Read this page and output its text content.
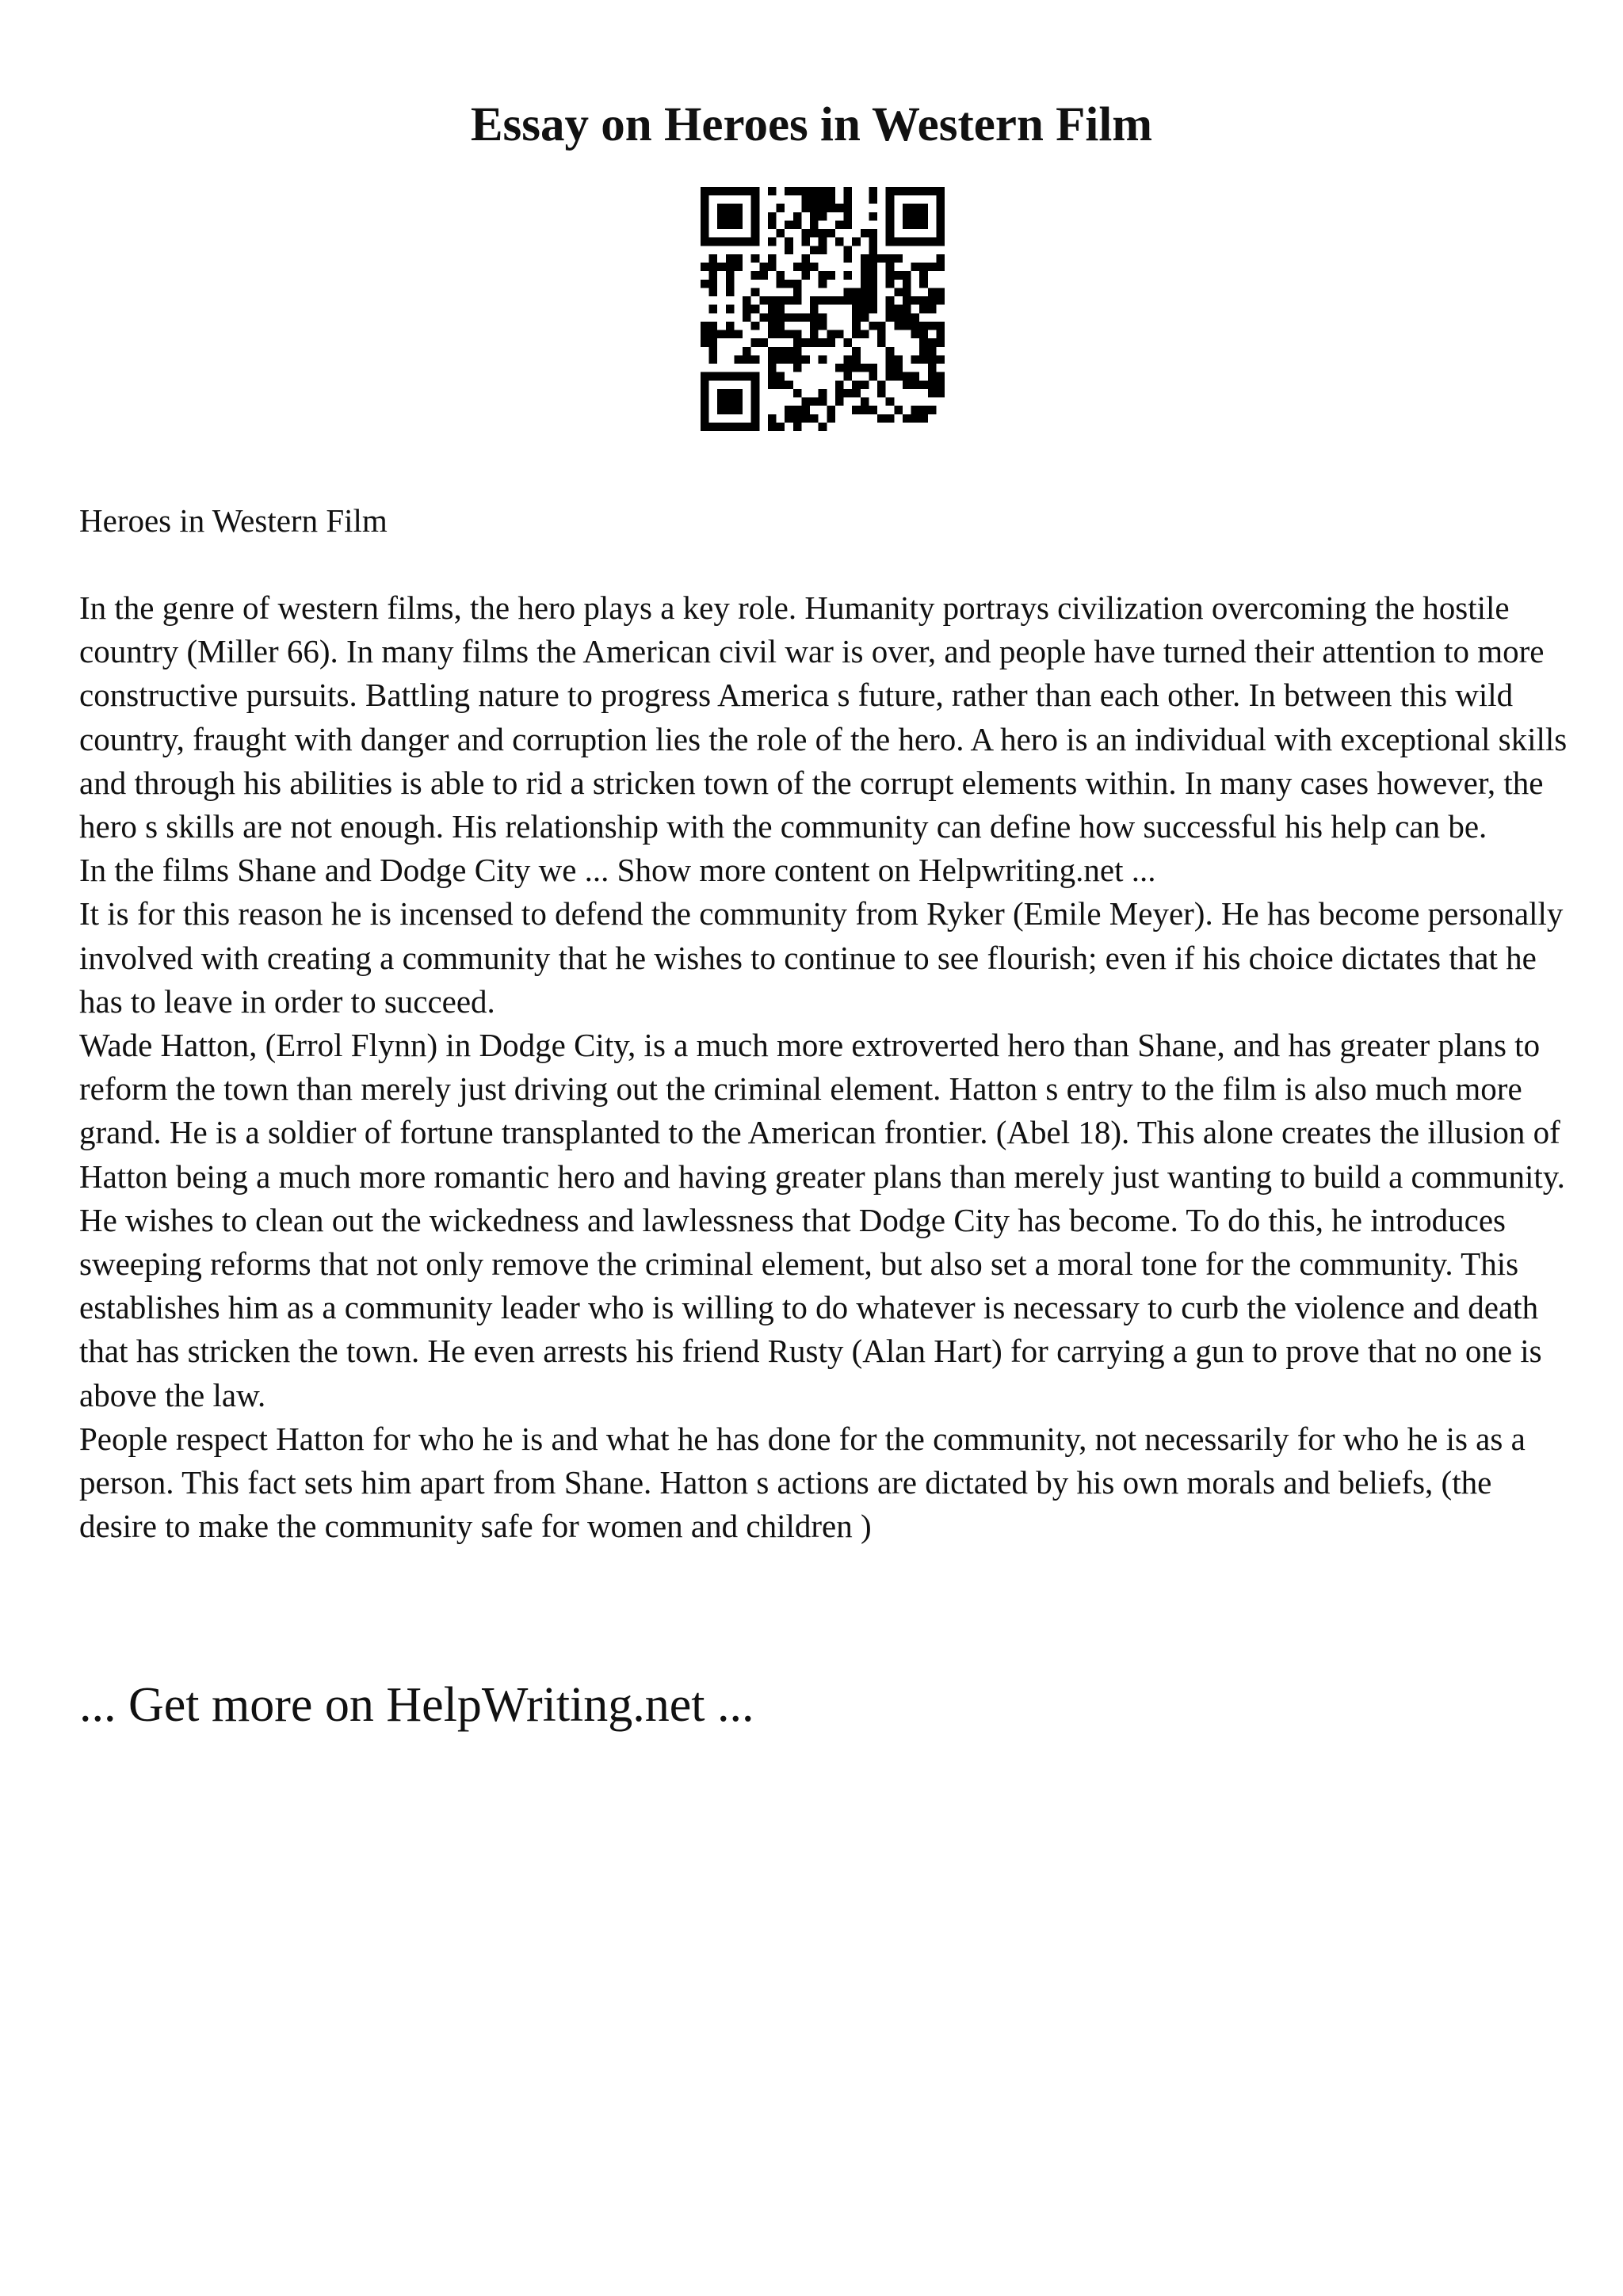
Essay on Heroes in Western Film
Heroes in Western Film

In the genre of western films, the hero plays a key role. Humanity portrays civilization overcoming the hostile country (Miller 66). In many films the American civil war is over, and people have turned their attention to more constructive pursuits. Battling nature to progress America s future, rather than each other. In between this wild country, fraught with danger and corruption lies the role of the hero. A hero is an individual with exceptional skills and through his abilities is able to rid a stricken town of the corrupt elements within. In many cases however, the hero s skills are not enough. His relationship with the community can define how successful his help can be.

In the films Shane and Dodge City we ... Show more content on Helpwriting.net ...

It is for this reason he is incensed to defend the community from Ryker (Emile Meyer). He has become personally involved with creating a community that he wishes to continue to see flourish; even if his choice dictates that he has to leave in order to succeed.

Wade Hatton, (Errol Flynn) in Dodge City, is a much more extroverted hero than Shane, and has greater plans to reform the town than merely just driving out the criminal element. Hatton s entry to the film is also much more grand. He is a soldier of fortune transplanted to the American frontier. (Abel 18). This alone creates the illusion of Hatton being a much more romantic hero and having greater plans than merely just wanting to build a community. He wishes to clean out the wickedness and lawlessness that Dodge City has become. To do this, he introduces sweeping reforms that not only remove the criminal element, but also set a moral tone for the community. This establishes him as a community leader who is willing to do whatever is necessary to curb the violence and death that has stricken the town. He even arrests his friend Rusty (Alan Hart) for carrying a gun to prove that no one is above the law.

People respect Hatton for who he is and what he has done for the community, not necessarily for who he is as a person. This fact sets him apart from Shane. Hatton s actions are dictated by his own morals and beliefs, (the desire to make the community safe for women and children )

... Get more on HelpWriting.net ...
